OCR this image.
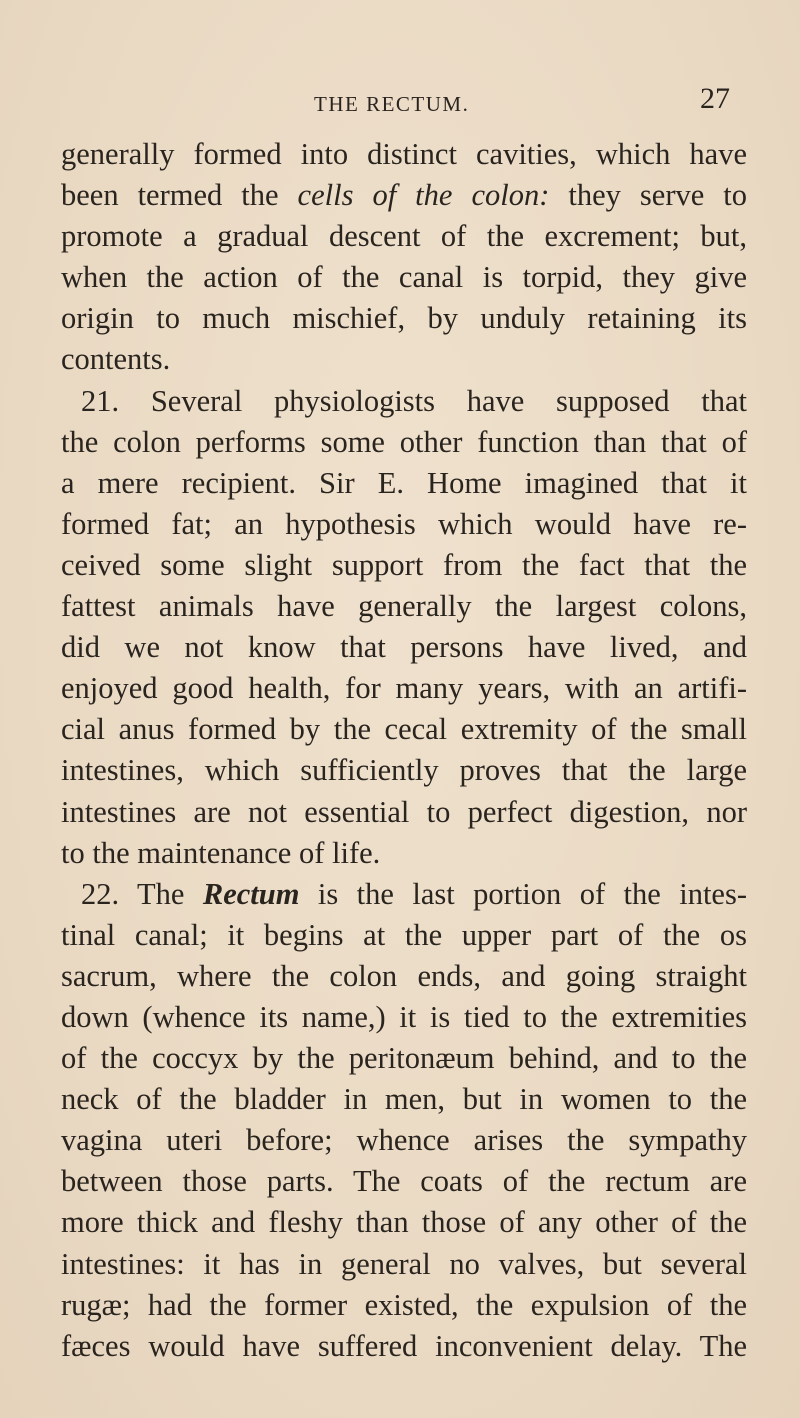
THE RECTUM.	27
generally formed into distinct cavities, which have
been termed the cells of the colon: they serve to
promote a gradual descent of the excrement; but,
when the action of the canal is torpid, they give
origin to much mischief, by unduly retaining its
contents.
21. Several physiologists have supposed that
the colon performs some other function than that of
a mere recipient. Sir E. Home imagined that it
formed fat; an hypothesis which would have re-
ceived some slight support from the fact that the
fattest animals have generally the largest colons,
did we not know that persons have lived, and
enjoyed good health, for many years, with an artifi-
cial anus formed by the cecal extremity of the small
intestines, which sufficiently proves that the large
intestines are not essential to perfect digestion, nor
to the maintenance of life.
22. The Rectum is the last portion of the intes-
tinal canal; it begins at the upper part of the os
sacrum, where the colon ends, and going straight
down (whence its name,) it is tied to the extremities
of the coccyx by the peritonæum behind, and to the
neck of the bladder in men, but in women to the
vagina uteri before; whence arises the sympathy
between those parts. The coats of the rectum are
more thick and fleshy than those of any other of the
intestines: it has in general no valves, but several
rugæ; had the former existed, the expulsion of the
fæces would have suffered inconvenient delay. The
